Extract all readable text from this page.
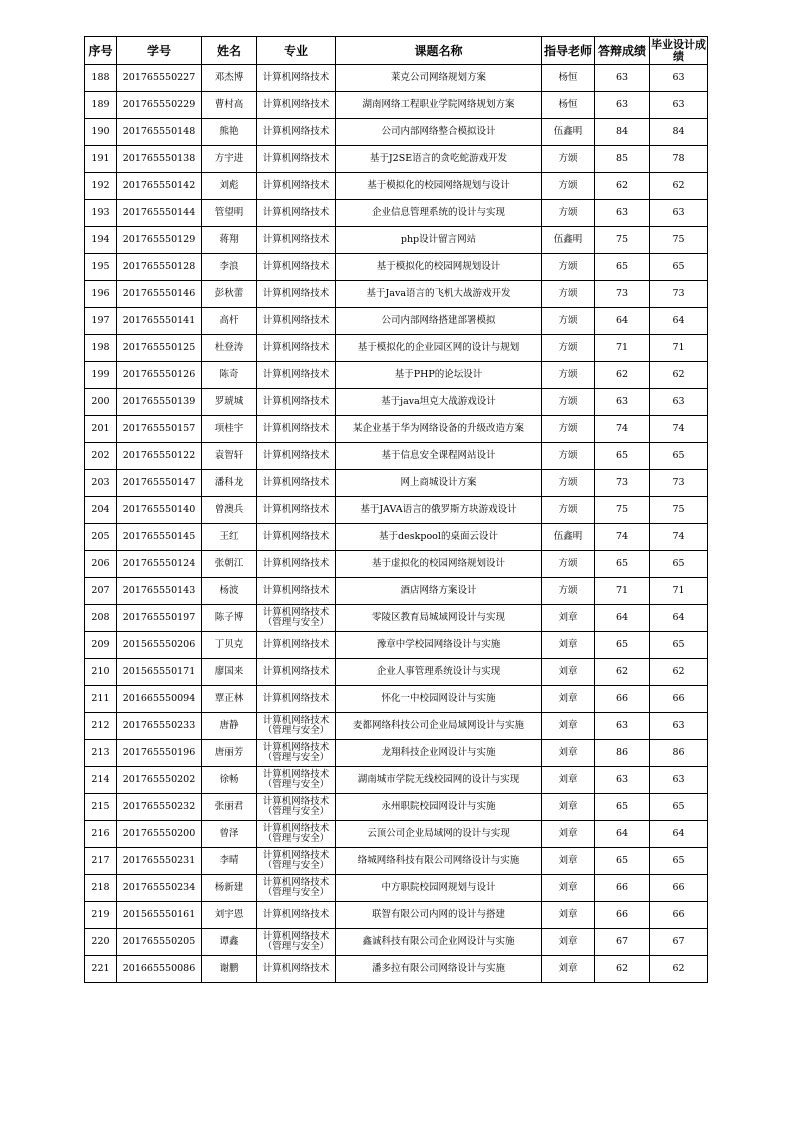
序号	学号	姓名	专业	课题名称	指导老师	答辩成绩	毕业设计成绩
188	201765550227	邓杰博	计算机网络技术	莱克公司网络规划方案	杨恒	63	63
189	201765550229	曹村高	计算机网络技术	湖南网络工程职业学院网络规划方案	杨恒	63	63
190	201765550148	熊艳	计算机网络技术	公司内部网络整合模拟设计	伍鑫明	84	84
191	201765550138	方宇进	计算机网络技术	基于J2SE语言的贪吃蛇游戏开发	方颂	85	78
192	201765550142	刘彪	计算机网络技术	基于模拟化的校园网络规划与设计	方颂	62	62
193	201765550144	管望明	计算机网络技术	企业信息管理系统的设计与实现	方颂	63	63
194	201765550129	蒋翔	计算机网络技术	php设计留言网站	伍鑫明	75	75
195	201765550128	李浪	计算机网络技术	基于模拟化的校园网规划设计	方颂	65	65
196	201765550146	彭秋蕾	计算机网络技术	基于Java语言的飞机大战游戏开发	方颂	73	73
197	201765550141	高杆	计算机网络技术	公司内部网络搭建部署模拟	方颂	64	64
198	201765550125	杜登涛	计算机网络技术	基于模拟化的企业园区网的设计与规划	方颂	71	71
199	201765550126	陈奇	计算机网络技术	基于PHP的论坛设计	方颂	62	62
200	201765550139	罗琥城	计算机网络技术	基于java坦克大战游戏设计	方颂	63	63
201	201765550157	项桂宇	计算机网络技术	某企业基于华为网络设备的升级改造方案	方颂	74	74
202	201765550122	袁智轩	计算机网络技术	基于信息安全课程网站设计	方颂	65	65
203	201765550147	潘科龙	计算机网络技术	网上商城设计方案	方颂	73	73
204	201765550140	曾澳兵	计算机网络技术	基于JAVA语言的俄罗斯方块游戏设计	方颂	75	75
205	201765550145	王红	计算机网络技术	基于deskpool的桌面云设计	伍鑫明	74	74
206	201765550124	张朝江	计算机网络技术	基于虚拟化的校园网络规划设计	方颂	65	65
207	201765550143	杨波	计算机网络技术	酒店网络方案设计	方颂	71	71
208	201765550197	陈子博	计算机网络技术（管理与安全）	零陵区教育局城域网设计与实现	刘章	64	64
209	201565550206	丁贝克	计算机网络技术	豫章中学校园网络设计与实施	刘章	65	65
210	201565550171	廖国来	计算机网络技术	企业人事管理系统设计与实现	刘章	62	62
211	201665550094	覃正林	计算机网络技术	怀化一中校园网设计与实施	刘章	66	66
212	201765550233	唐静	计算机网络技术（管理与安全）	麦都网络科技公司企业局域网设计与实施	刘章	63	63
213	201765550196	唐丽芳	计算机网络技术（管理与安全）	龙翔科技企业网设计与实施	刘章	86	86
214	201765550202	徐畅	计算机网络技术（管理与安全）	湖南城市学院无线校园网的设计与实现	刘章	63	63
215	201765550232	张丽君	计算机网络技术（管理与安全）	永州职院校园网设计与实施	刘章	65	65
216	201765550200	曾泽	计算机网络技术（管理与安全）	云顶公司企业局域网的设计与实现	刘章	64	64
217	201765550231	李晴	计算机网络技术（管理与安全）	络城网络科技有限公司网络设计与实施	刘章	65	65
218	201765550234	杨新建	计算机网络技术（管理与安全）	中方职院校园网规划与设计	刘章	66	66
219	201565550161	刘宇恩	计算机网络技术	联智有限公司内网的设计与搭建	刘章	66	66
220	201765550205	谭鑫	计算机网络技术（管理与安全）	鑫诚科技有限公司企业网设计与实施	刘章	67	67
221	201665550086	谢鹏	计算机网络技术	潘多拉有限公司网络设计与实施	刘章	62	62
